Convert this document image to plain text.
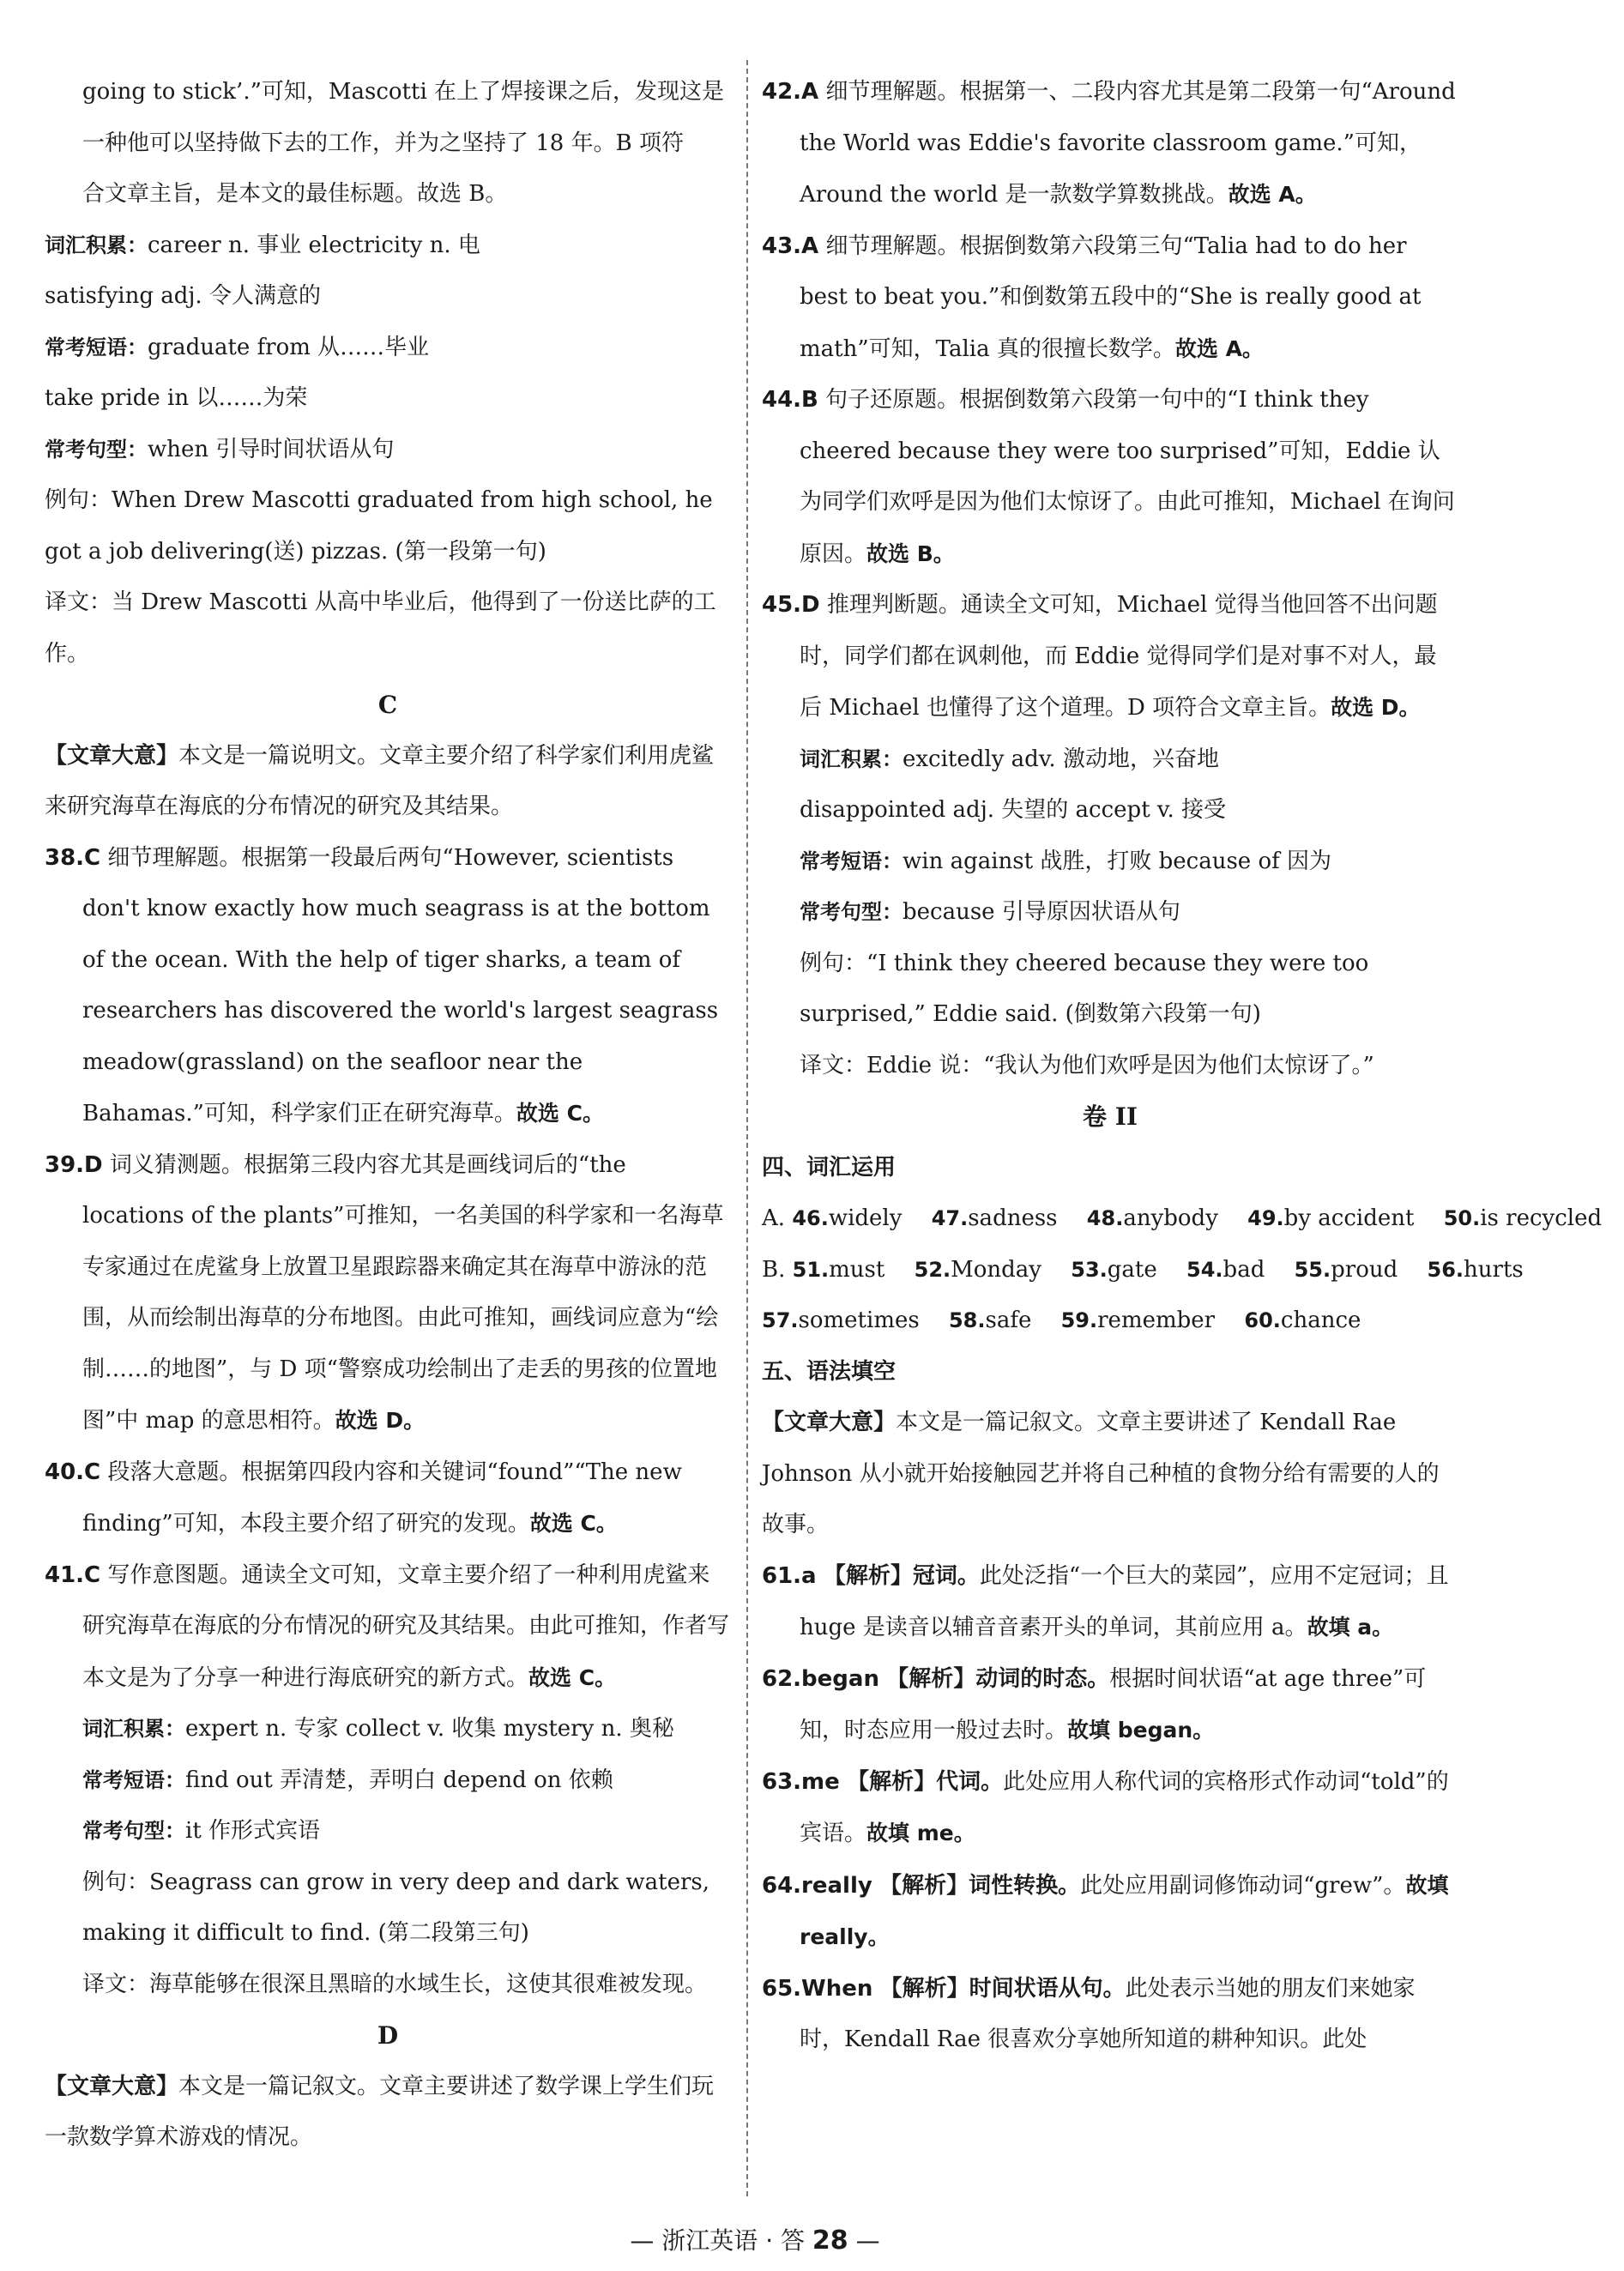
going to stick’.”可知，Mascotti 在上了焊接课之后，发现这是
一种他可以坚持做下去的工作，并为之坚持了 18 年。B 项符
合文章主旨，是本文的最佳标题。故选 B。

词汇积累：career n. 事业 electricity n. 电
satisfying adj. 令人满意的

常考短语：graduate from 从……毕业
take pride in 以……为荣

常考句型：when 引导时间状语从句

例句：When Drew Mascotti graduated from high school, he got a job delivering(送) pizzas. (第一段第一句)

译文：当 Drew Mascotti 从高中毕业后，他得到了一份送比萨的工作。

C

【文章大意】本文是一篇说明文。文章主要介绍了科学家们利用虎鲨来研究海草在海底的分布情况的研究及其结果。

38.C 细节理解题。根据第一段最后两句“However, scientists don't know exactly how much seagrass is at the bottom of the ocean. With the help of tiger sharks, a team of researchers has discovered the world's largest seagrass meadow(grassland) on the seafloor near the Bahamas.”可知，科学家们正在研究海草。故选 C。

39.D 词义猜测题。根据第三段内容尤其是画线词后的“the locations of the plants”可推知，一名美国的科学家和一名海草专家通过在虎鲨身上放置卫星跟踪器来确定其在海草中游泳的范围，从而绘制出海草的分布地图。由此可推知，画线词应意为“绘制……的地图”，与 D 项“警察成功绘制出了走丢的男孩的位置地图”中 map 的意思相符。故选 D。

40.C 段落大意题。根据第四段内容和关键词“found”“The new finding”可知，本段主要介绍了研究的发现。故选 C。

41.C 写作意图题。通读全文可知，文章主要介绍了一种利用虎鲨来研究海草在海底的分布情况的研究及其结果。由此可推知，作者写本文是为了分享一种进行海底研究的新方式。故选 C。

词汇积累：expert n. 专家 collect v. 收集 mystery n. 奥秘

常考短语：find out 弄清楚，弄明白 depend on 依赖

常考句型：it 作形式宾语

例句：Seagrass can grow in very deep and dark waters, making it difficult to find. (第二段第三句)

译文：海草能够在很深且黑暗的水域生长，这使其很难被发现。

D

【文章大意】本文是一篇记叙文。文章主要讲述了数学课上学生们玩一款数学算术游戏的情况。

42.A 细节理解题。根据第一、二段内容尤其是第二段第一句“Around the World was Eddie's favorite classroom game.”可知，Around the world 是一款数学算数挑战。故选 A。

43.A 细节理解题。根据倒数第六段第三句“Talia had to do her best to beat you.”和倒数第五段中的“She is really good at math”可知，Talia 真的很擅长数学。故选 A。

44.B 句子还原题。根据倒数第六段第一句中的“I think they cheered because they were too surprised”可知，Eddie 认为同学们欢呼是因为他们太惊讶了。由此可推知，Michael 在询问原因。故选 B。

45.D 推理判断题。通读全文可知，Michael 觉得当他回答不出问题时，同学们都在讽刺他，而 Eddie 觉得同学们是对事不对人，最后 Michael 也懂得了这个道理。D 项符合文章主旨。故选 D。

词汇积累：excitedly adv. 激动地，兴奋地
disappointed adj. 失望的 accept v. 接受

常考短语：win against 战胜，打败 because of 因为

常考句型：because 引导原因状语从句

例句：“I think they cheered because they were too surprised,” Eddie said. (倒数第六段第一句)

译文：Eddie 说：“我认为他们欢呼是因为他们太惊讶了。”

卷 II

四、词汇运用

A. 46.widely 47.sadness 48.anybody 49.by accident 50.is recycled

B. 51.must 52.Monday 53.gate 54.bad 55.proud 56.hurts

57.sometimes 58.safe 59.remember 60.chance

五、语法填空

【文章大意】本文是一篇记叙文。文章主要讲述了 Kendall Rae Johnson 从小就开始接触园艺并将自己种植的食物分给有需要的人的故事。

61.a 【解析】冠词。此处泛指“一个巨大的菜园”，应用不定冠词；且 huge 是读音以辅音音素开头的单词，其前应用 a。故填 a。

62.began 【解析】动词的时态。根据时间状语“at age three”可知，时态应用一般过去时。故填 began。

63.me 【解析】代词。此处应用人称代词的宾格形式作动词“told”的宾语。故填 me。

64.really 【解析】词性转换。此处应用副词修饰动词“grew”。故填 really。

65.When 【解析】时间状语从句。此处表示当她的朋友们来她家时，Kendall Rae 很喜欢分享她所知道的耕种知识。此处

— 浙江英语 · 答 28 —
